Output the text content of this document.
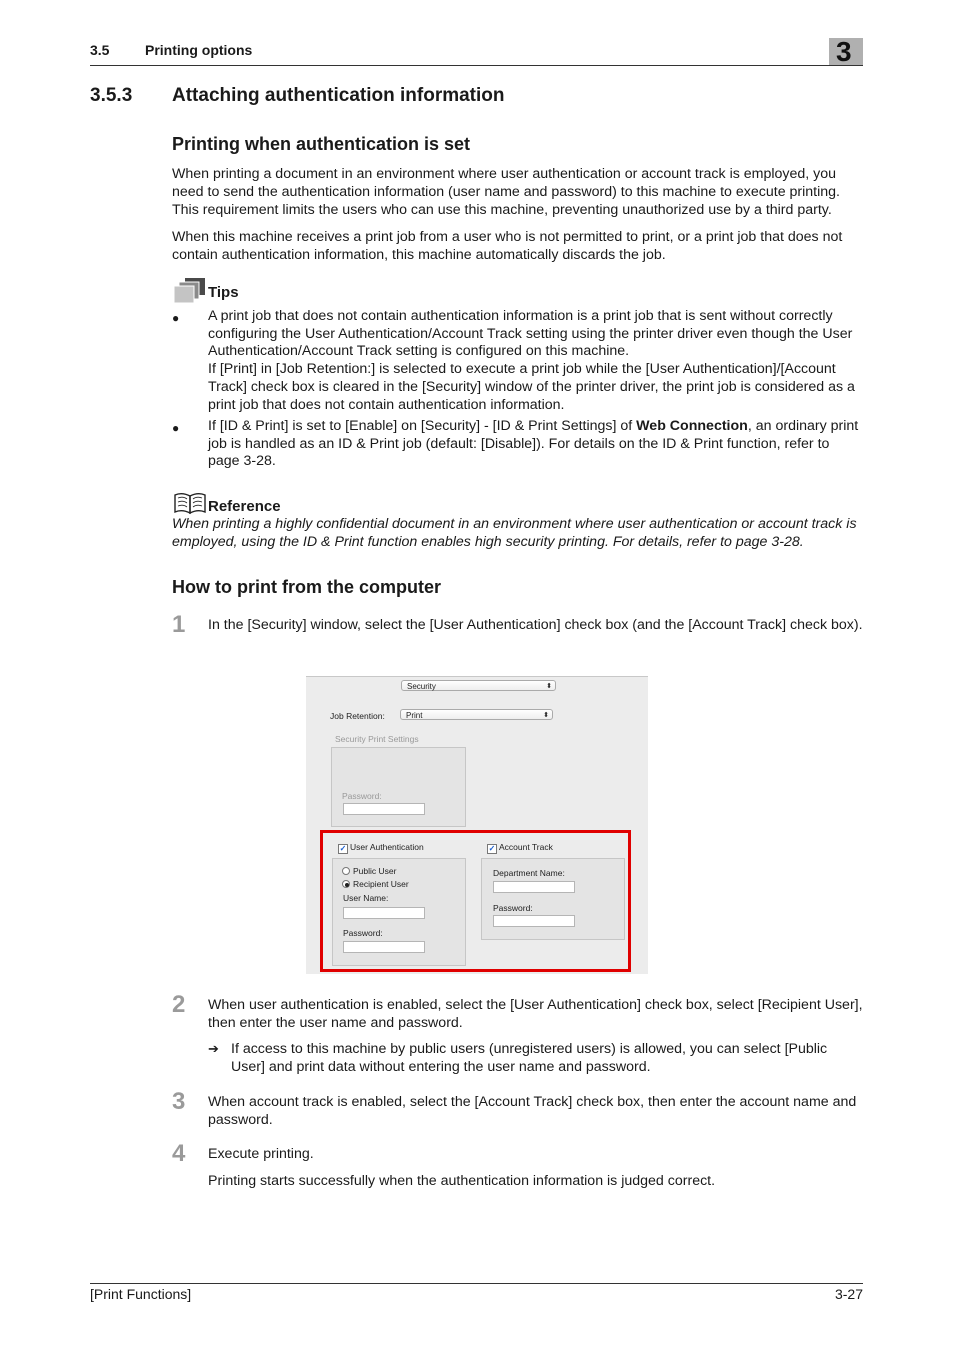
3.5	Printing options	3
3.5.3 Attaching authentication information
Printing when authentication is set
When printing a document in an environment where user authentication or account track is employed, you need to send the authentication information (user name and password) to this machine to execute printing. This requirement limits the users who can use this machine, preventing unauthorized use by a third party.
When this machine receives a print job from a user who is not permitted to print, or a print job that does not contain authentication information, this machine automatically discards the job.
Tips
● A print job that does not contain authentication information is a print job that is sent without correctly configuring the User Authentication/Account Track setting using the printer driver even though the User Authentication/Account Track setting is configured on this machine.
If [Print] in [Job Retention:] is selected to execute a print job while the [User Authentication]/[Account Track] check box is cleared in the [Security] window of the printer driver, the print job is considered as a print job that does not contain authentication information.
● If [ID & Print] is set to [Enable] on [Security] - [ID & Print Settings] of Web Connection, an ordinary print job is handled as an ID & Print job (default: [Disable]). For details on the ID & Print function, refer to page 3-28.
Reference
When printing a highly confidential document in an environment where user authentication or account track is employed, using the ID & Print function enables high security printing. For details, refer to page 3-28.
How to print from the computer
1 In the [Security] window, select the [User Authentication] check box (and the [Account Track] check box).
Security	⬍
Job Retention:	Print	⬍
Security Print Settings
Password:
✓ User Authentication	✓ Account Track
Public User
Recipient User
User Name:
Password:
Department Name:
Password:
2 When user authentication is enabled, select the [User Authentication] check box, select [Recipient User], then enter the user name and password.
➔ If access to this machine by public users (unregistered users) is allowed, you can select [Public User] and print data without entering the user name and password.
3 When account track is enabled, select the [Account Track] check box, then enter the account name and password.
4 Execute printing.
Printing starts successfully when the authentication information is judged correct.
[Print Functions]	3-27
